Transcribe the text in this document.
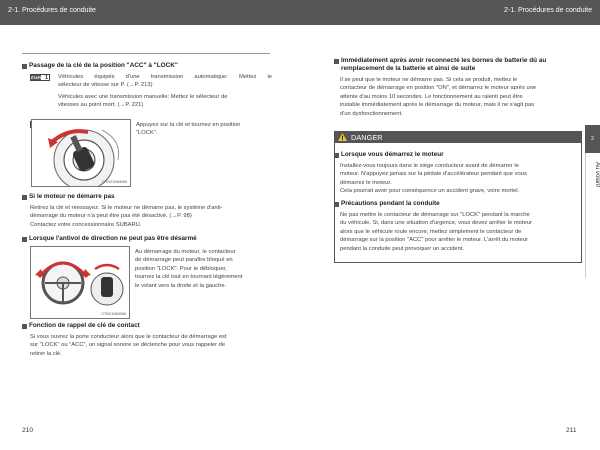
2-1. Procédures de conduite	2-1. Procédures de conduite
Passage de la clé de la position "ACC" à "LOCK"
ÉTAPE 1	Véhicules équipés d'une transmission automatique: Mettez le
sélecteur de vitesse sur P. (→P. 213)
Véhicules avec une transmission manuelle: Mettez le sélecteur de
vitesses au point mort. (→P. 221)
CTN21MM065
Appuyez sur la clé et tournez en position
"LOCK".
Si le moteur ne démarre pas
Retirez la clé et réessayez. Si le moteur ne démarre pas, le système d'anti-
démarrage du moteur n'a peut être pas été désactivé. (→P. 98)
Contactez votre concessionnaire SUBARU.
Lorsque l'antivol de direction ne peut pas être désarmé
CTN21MM066
Au démarrage du moteur, le contacteur
de démarrage peut paraître bloqué en
position "LOCK". Pour le débloquer,
tournez la clé tout en tournant légèrement
le volant vers la droite et la gauche.
Fonction de rappel de clé de contact
Si vous ouvrez la porte conducteur alors que le contacteur de démarrage est
sur "LOCK" ou "ACC", un signal sonore se déclenche pour vous rappeler de
retirer la clé.
210
Immédiatement après avoir reconnecté les bornes de batterie dû au
remplacement de la batterie et ainsi de suite
Il se peut que le moteur ne démarre pas. Si cela se produit, mettez le
contacteur de démarrage en position "ON", et démarrez le moteur après une
attente d'au moins 10 secondes. Le fonctionnement au ralenti peut être
instable immédiatement après le démarrage du moteur, mais il ne s'agit pas
d'un dysfonctionnement.
DANGER
Lorsque vous démarrez le moteur
Installez-vous toujours dans le siège conducteur avant de démarrer le
moteur. N'appuyez jamais sur la pédale d'accélérateur pendant que vous
démarrez le moteur.
Cela pourrait avoir pour conséquence un accident grave, voire mortel.
Précautions pendant la conduite
Ne pas mettre le contacteur de démarrage sur "LOCK" pendant la marche
du véhicule. Si, dans une situation d'urgence, vous devez arrêter le moteur
alors que le véhicule roule encore, mettez simplement le contacteur de
démarrage sur la position "ACC" pour arrêter le moteur. L'arrêt du moteur
pendant la conduite peut provoquer un accident.
2
Au volant
211
